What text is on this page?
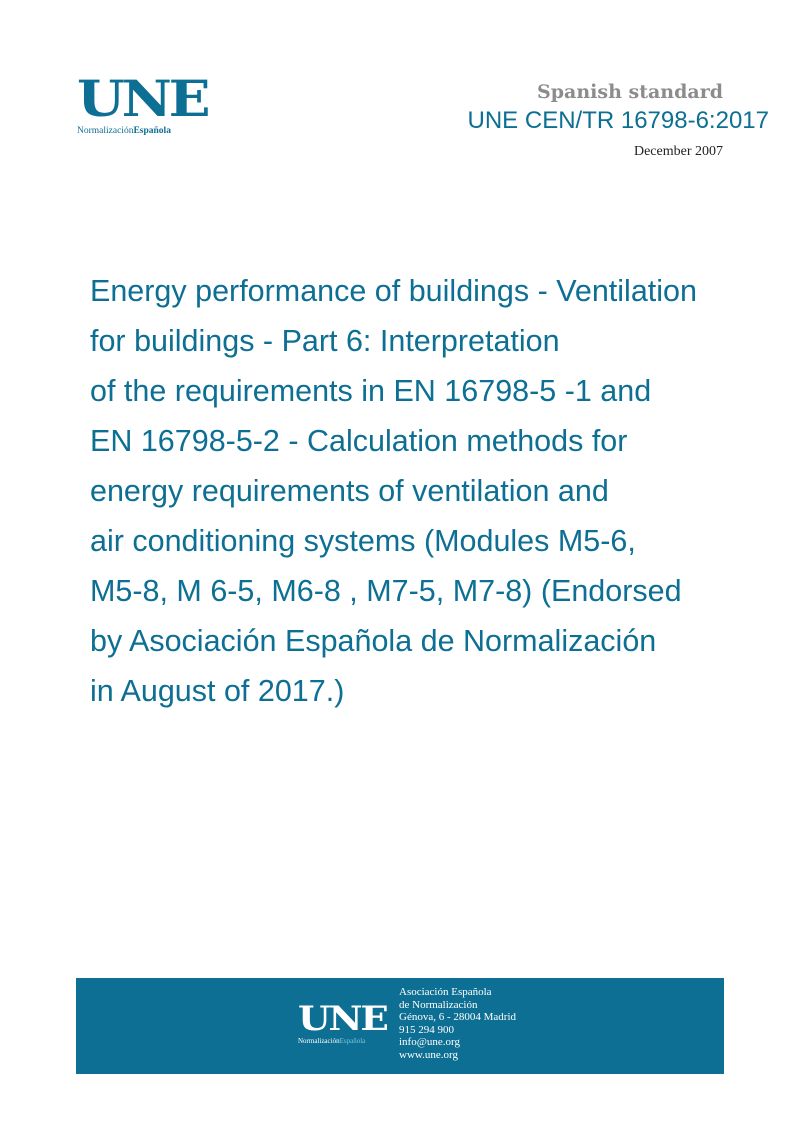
UNE
NormalizaciónEspañola
Spanish standard
UNE CEN/TR 16798-6:2017
December 2007
Energy performance of buildings - Ventilation
for buildings - Part 6: Interpretation
of the requirements in EN 16798-5 -1 and
EN 16798-5-2 - Calculation methods for
energy requirements of ventilation and
air conditioning systems (Modules M5-6,
M5-8, M 6-5, M6-8 , M7-5, M7-8) (Endorsed
by Asociación Española de Normalización
in August of 2017.)
UNE
NormalizaciónEspañola
Asociación Española
de Normalización
Génova, 6 - 28004 Madrid
915 294 900
info@une.org
www.une.org
